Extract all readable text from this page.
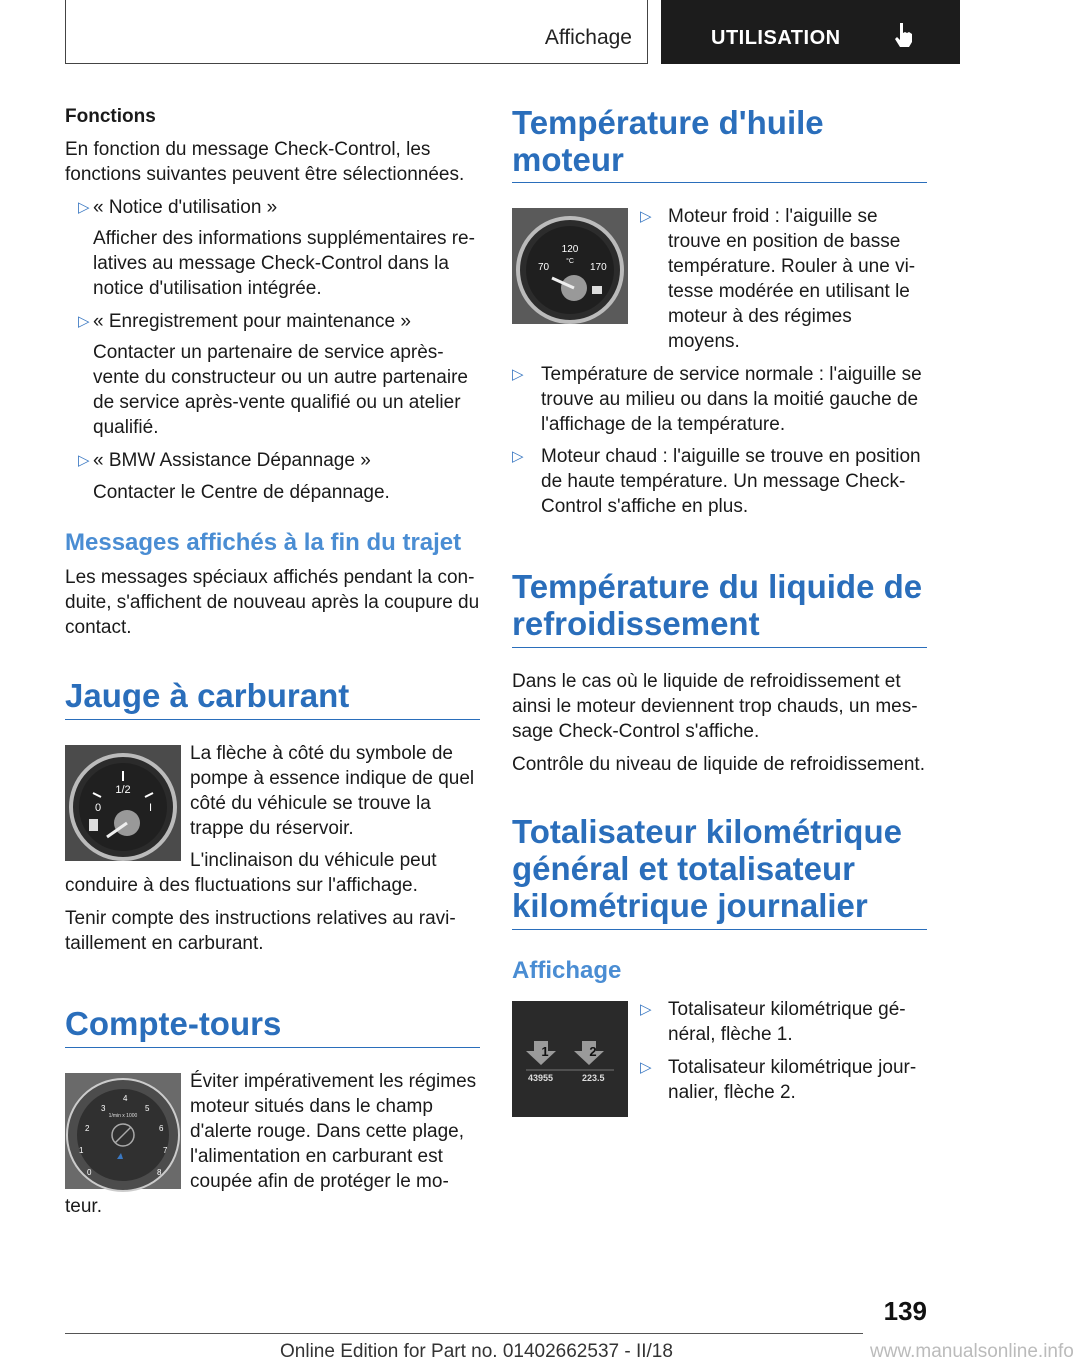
Affichage	UTILISATION
Fonctions
En fonction du message Check-Control, les
fonctions suivantes peuvent être sélectionnées.
▷ « Notice d'utilisation »
Afficher des informations supplémentaires re‐
latives au message Check-Control dans la
notice d'utilisation intégrée.
▷ « Enregistrement pour maintenance »
Contacter un partenaire de service après-
vente du constructeur ou un autre partenaire
de service après-vente qualifié ou un atelier
qualifié.
▷ « BMW Assistance Dépannage »
Contacter le Centre de dépannage.
Messages affichés à la fin du trajet
Les messages spéciaux affichés pendant la con‐
duite, s'affichent de nouveau après la coupure du
contact.
Jauge à carburant
1/2
0	I
La flèche à côté du symbole de
pompe à essence indique de quel
côté du véhicule se trouve la
trappe du réservoir.
L'inclinaison du véhicule peut
conduire à des fluctuations sur l'affichage.
Tenir compte des instructions relatives au ravi‐
taillement en carburant.
Compte-tours
0
1
2
3
4
5
6
7
8
1/min x 1000
Éviter impérativement les régimes
moteur situés dans le champ
d'alerte rouge. Dans cette plage,
l'alimentation en carburant est
coupée afin de protéger le mo‐
teur.
Température d'huile
moteur
120
°C
70	170
▷ Moteur froid : l'aiguille se
trouve en position de basse
température. Rouler à une vi‐
tesse modérée en utilisant le
moteur à des régimes
moyens.
▷ Température de service normale : l'aiguille se
trouve au milieu ou dans la moitié gauche de
l'affichage de la température.
▷ Moteur chaud : l'aiguille se trouve en position
de haute température. Un message Check-
Control s'affiche en plus.
Température du liquide de
refroidissement
Dans le cas où le liquide de refroidissement et
ainsi le moteur deviennent trop chauds, un mes‐
sage Check-Control s'affiche.
Contrôle du niveau de liquide de refroidissement.
Totalisateur kilométrique
général et totalisateur
kilométrique journalier
Affichage
1	2
43955	223.5
▷ Totalisateur kilométrique gé‐
néral, flèche 1.
▷ Totalisateur kilométrique jour‐
nalier, flèche 2.
139
Online Edition for Part no. 01402662537 - II/18	www.manualsonline.info
